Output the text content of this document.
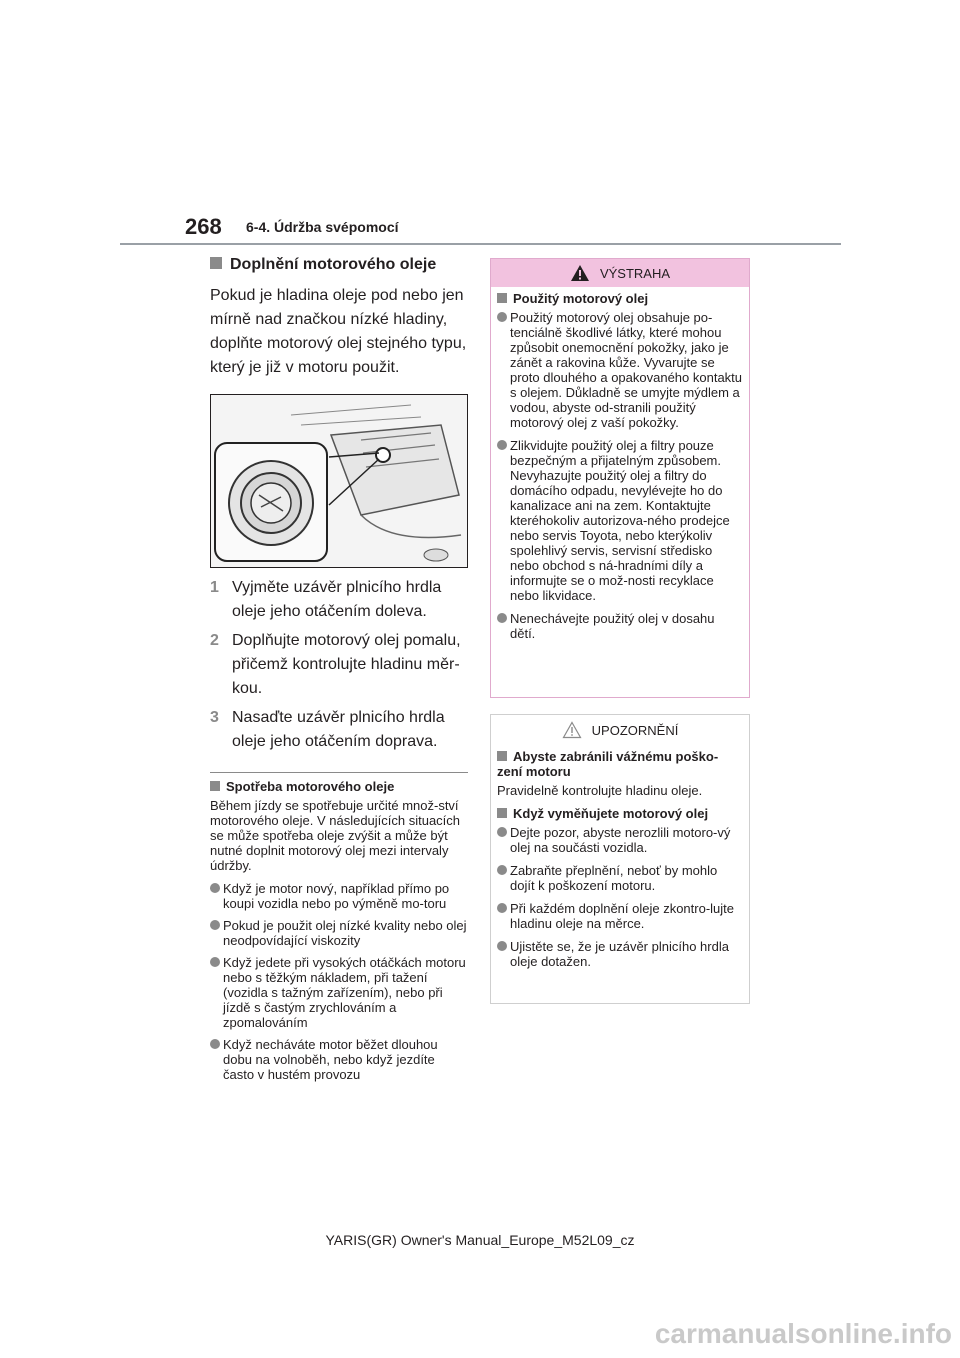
268 6-4. Údržba svépomocí
Doplnění motorového oleje

Pokud je hladina oleje pod nebo jen mírně nad značkou nízké hladiny, doplňte motorový olej stejného typu, který je již v motoru použit.

1 Vyjměte uzávěr plnicího hrdla oleje jeho otáčením doleva.
2 Doplňujte motorový olej pomalu, přičemž kontrolujte hladinu měr-kou.
3 Nasaďte uzávěr plnicího hrdla oleje jeho otáčením doprava.
Spotřeba motorového oleje

Během jízdy se spotřebuje určité množ-ství motorového oleje. V následujících situacích se může spotřeba oleje zvýšit a může být nutné doplnit motorový olej mezi intervaly údržby.

Když je motor nový, například přímo po koupi vozidla nebo po výměně mo-toru
Pokud je použit olej nízké kvality nebo olej neodpovídající viskozity
Když jedete při vysokých otáčkách motoru nebo s těžkým nákladem, při tažení (vozidla s tažným zařízením), nebo při jízdě s častým zrychlováním a zpomalováním
Když necháváte motor běžet dlouhou dobu na volnoběh, nebo když jezdíte často v hustém provozu
VÝSTRAHA
Použitý motorový olej
Použitý motorový olej obsahuje po-tenciálně škodlivé látky, které mohou způsobit onemocnění pokožky, jako je zánět a rakovina kůže. Vyvarujte se proto dlouhého a opakovaného kontaktu s olejem. Důkladně se umyjte mýdlem a vodou, abyste od-stranili použitý motorový olej z vaší pokožky.
Zlikvidujte použitý olej a filtry pouze bezpečným a přijatelným způsobem. Nevyhazujte použitý olej a filtry do domácího odpadu, nevylévejte ho do kanalizace ani na zem. Kontaktujte kteréhokoliv autorizova-ného prodejce nebo servis Toyota, nebo kterýkoliv spolehlivý servis, servisní středisko nebo obchod s ná-hradními díly a informujte se o mož-nosti recyklace nebo likvidace.
Nenechávejte použitý olej v dosahu dětí.
UPOZORNĚNÍ
Abyste zabránili vážnému poško-zení motoru

Pravidelně kontrolujte hladinu oleje.

Když vyměňujete motorový olej
Dejte pozor, abyste nerozlili motoro-vý olej na součásti vozidla.
Zabraňte přeplnění, neboť by mohlo dojít k poškození motoru.
Při každém doplnění oleje zkontro-lujte hladinu oleje na měrce.
Ujistěte se, že je uzávěr plnicího hrdla oleje dotažen.
YARIS(GR) Owner's Manual_Europe_M52L09_cz
carmanualsonline.info
